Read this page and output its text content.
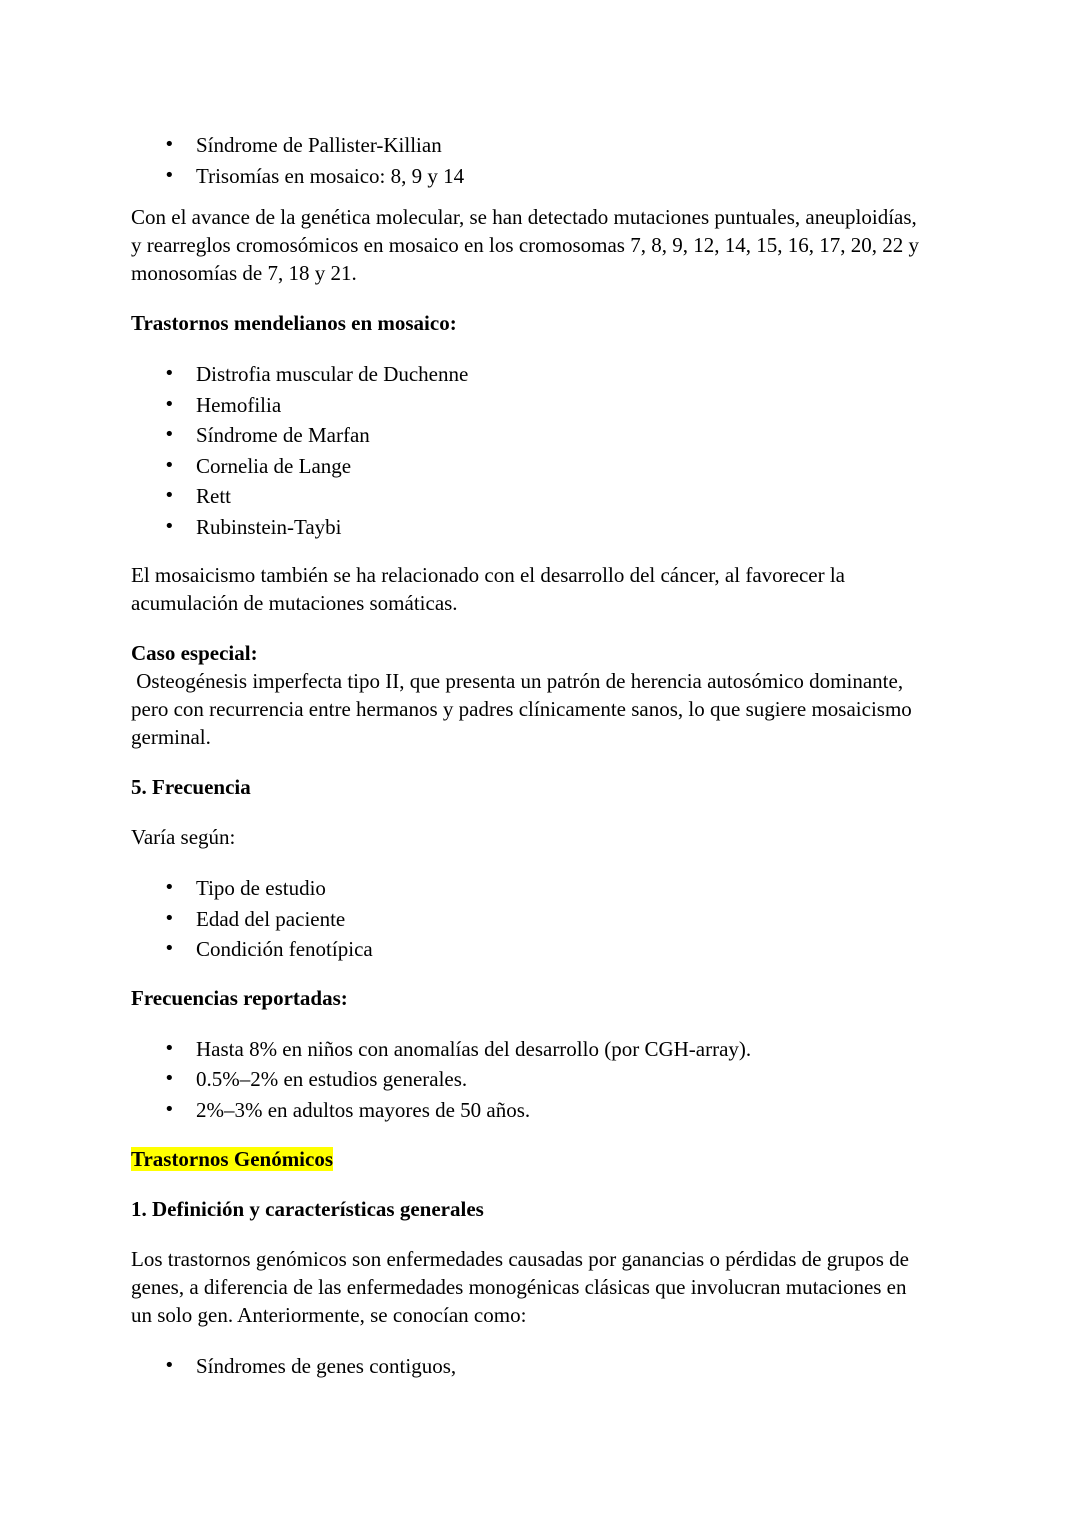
• Síndrome de Pallister-Killian
• Trisomías en mosaico: 8, 9 y 14

Con el avance de la genética molecular, se han detectado mutaciones puntuales, aneuploidías,
y rearreglos cromosómicos en mosaico en los cromosomas 7, 8, 9, 12, 14, 15, 16, 17, 20, 22 y
monosomías de 7, 18 y 21.

Trastornos mendelianos en mosaico:

• Distrofia muscular de Duchenne
• Hemofilia
• Síndrome de Marfan
• Cornelia de Lange
• Rett
• Rubinstein-Taybi

El mosaicismo también se ha relacionado con el desarrollo del cáncer, al favorecer la
acumulación de mutaciones somáticas.

Caso especial:
Osteogénesis imperfecta tipo II, que presenta un patrón de herencia autosómico dominante,
pero con recurrencia entre hermanos y padres clínicamente sanos, lo que sugiere mosaicismo
germinal.

5. Frecuencia

Varía según:

• Tipo de estudio
• Edad del paciente
• Condición fenotípica

Frecuencias reportadas:

• Hasta 8% en niños con anomalías del desarrollo (por CGH-array).
• 0.5%–2% en estudios generales.
• 2%–3% en adultos mayores de 50 años.

Trastornos Genómicos

1. Definición y características generales

Los trastornos genómicos son enfermedades causadas por ganancias o pérdidas de grupos de
genes, a diferencia de las enfermedades monogénicas clásicas que involucran mutaciones en
un solo gen. Anteriormente, se conocían como:

• Síndromes de genes contiguos,
